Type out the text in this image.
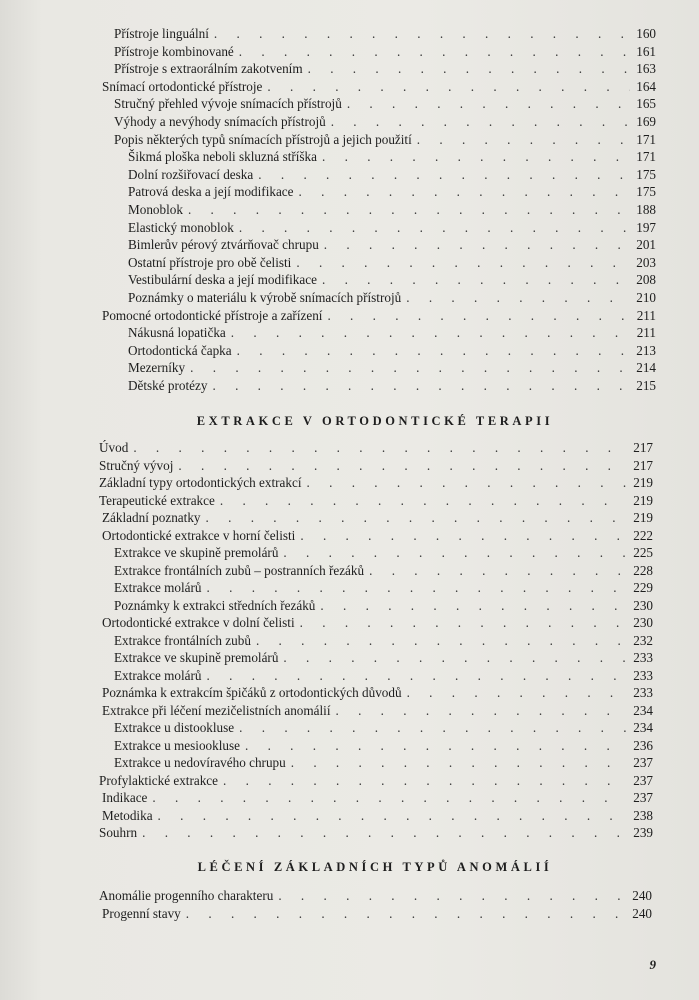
Přístroje linguální . . .	160
Přístroje kombinované . . .	161
Přístroje s extraorálním zakotvením . . .	163
Snímací ortodontické přístroje . . .	164
Stručný přehled vývoje snímacích přístrojů . . .	165
Výhody a nevýhody snímacích přístrojů . . .	169
Popis některých typů snímacích přístrojů a jejich použití . . .	171
Šikmá ploška neboli skluzná stříška . . .	171
Dolní rozšiřovací deska . . .	175
Patrová deska a její modifikace . . .	175
Monoblok . . .	188
Elastický monoblok . . .	197
Bimlerův pérový ztvárňovač chrupu . . .	201
Ostatní přístroje pro obě čelisti . . .	203
Vestibulární deska a její modifikace . . .	208
Poznámky o materiálu k výrobě snímacích přístrojů . . .	210
Pomocné ortodontické přístroje a zařízení . . .	211
Nákusná lopatička . . .	211
Ortodontická čapka . . .	213
Mezerníky . . .	214
Dětské protézy . . .	215
EXTRAKCE V ORTODONTICKÉ TERAPII
Úvod . . .	217
Stručný vývoj . . .	217
Základní typy ortodontických extrakcí . . .	219
Terapeutické extrakce . . .	219
Základní poznatky . . .	219
Ortodontické extrakce v horní čelisti . . .	222
Extrakce ve skupině premolárů . . .	225
Extrakce frontálních zubů – postranních řezáků . . .	228
Extrakce molárů . . .	229
Poznámky k extrakci středních řezáků . . .	230
Ortodontické extrakce v dolní čelisti . . .	230
Extrakce frontálních zubů . . .	232
Extrakce ve skupině premolárů . . .	233
Extrakce molárů . . .	233
Poznámka k extrakcím špičáků z ortodontických důvodů . . .	233
Extrakce při léčení mezičelistních anomálií . . .	234
Extrakce u distookluse . . .	234
Extrakce u mesiookluse . . .	236
Extrakce u nedovíravého chrupu . . .	237
Profylaktické extrakce . . .	237
Indikace . . .	237
Metodika . . .	238
Souhrn . . .	239
LÉČENÍ ZÁKLADNÍCH TYPŮ ANOMÁLIÍ
Anomálie progenního charakteru . . .	240
Progenní stavy . . .	240
9
